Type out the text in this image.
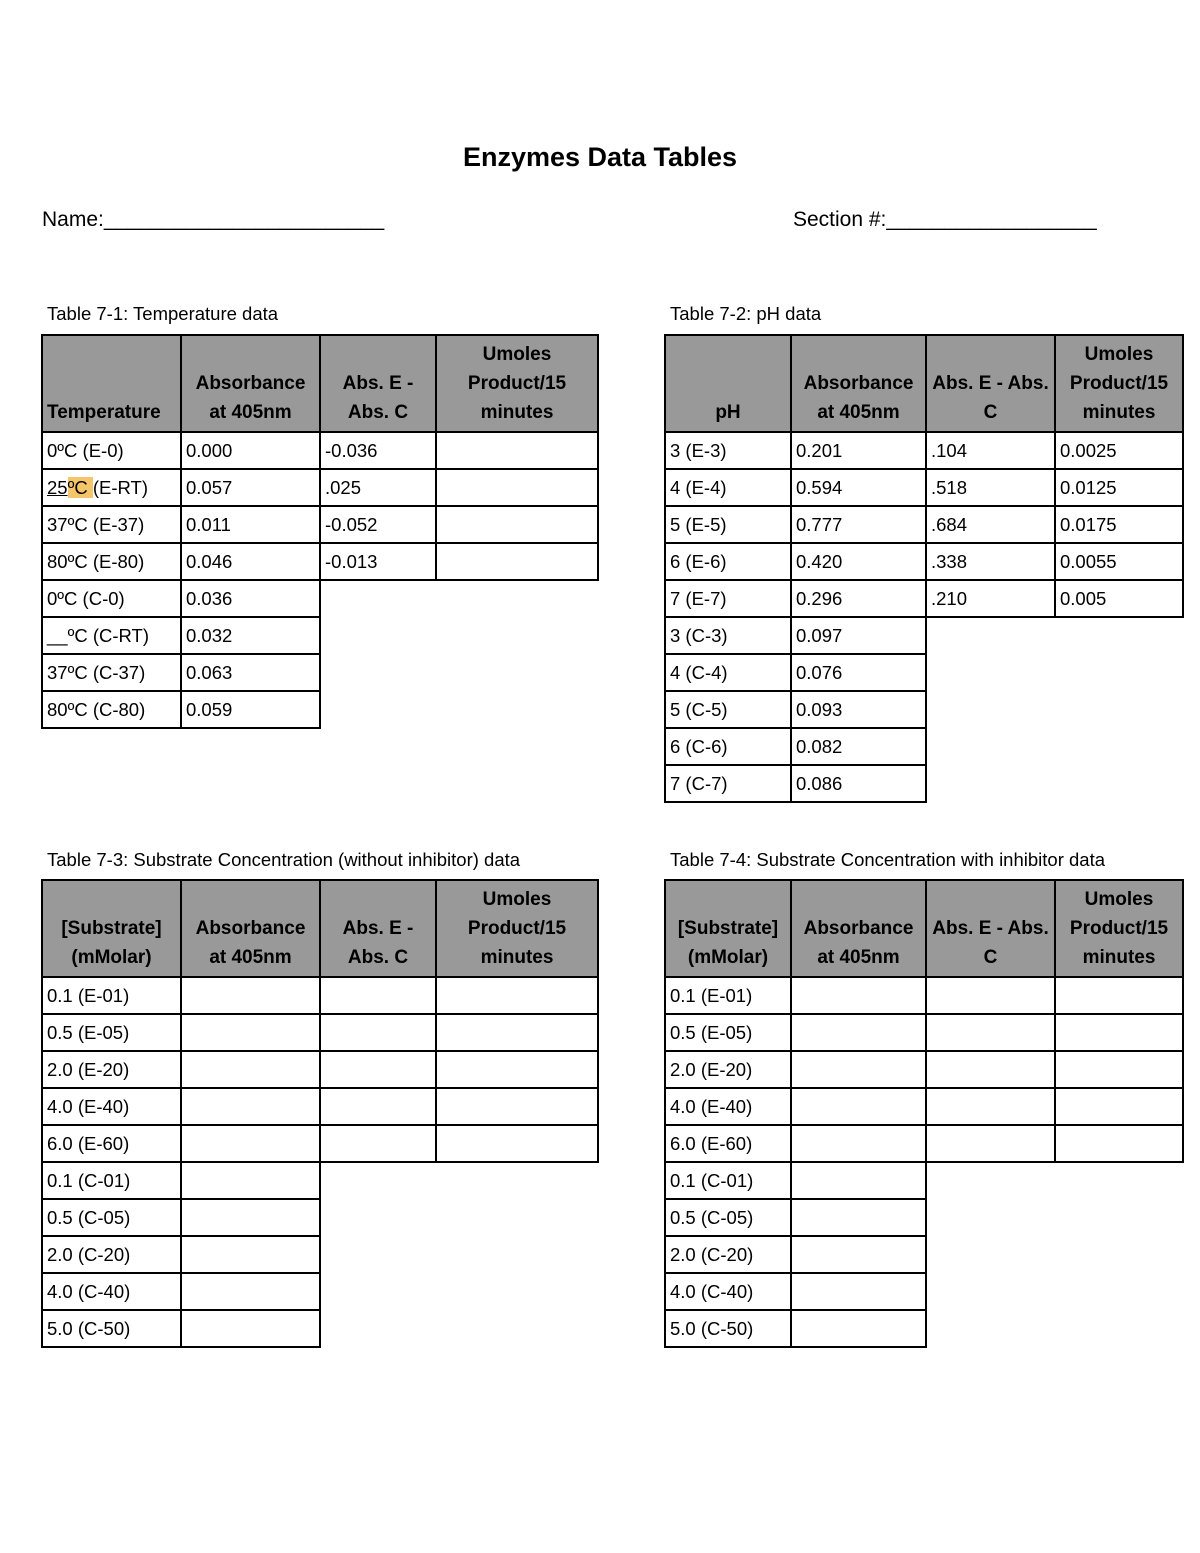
Enzymes Data Tables
Name:________________________	Section #:__________________
Table 7-1: Temperature data
Temperature	Absorbance at 405nm	Abs. E - Abs. C	Umoles Product/15 minutes
0ºC (E-0)	0.000	-0.036	
25ºC (E-RT)	0.057	.025	
37ºC (E-37)	0.011	-0.052	
80ºC (E-80)	0.046	-0.013	
0ºC (C-0)	0.036		
__ºC (C-RT)	0.032		
37ºC (C-37)	0.063		
80ºC (C-80)	0.059		
Table 7-2: pH data
pH	Absorbance at 405nm	Abs. E - Abs. C	Umoles Product/15 minutes
3 (E-3)	0.201	.104	0.0025
4 (E-4)	0.594	.518	0.0125
5 (E-5)	0.777	.684	0.0175
6 (E-6)	0.420	.338	0.0055
7 (E-7)	0.296	.210	0.005
3 (C-3)	0.097		
4 (C-4)	0.076		
5 (C-5)	0.093		
6 (C-6)	0.082		
7 (C-7)	0.086		
Table 7-3: Substrate Concentration (without inhibitor) data
[Substrate] (mMolar)	Absorbance at 405nm	Abs. E - Abs. C	Umoles Product/15 minutes
0.1 (E-01)			
0.5 (E-05)			
2.0 (E-20)			
4.0 (E-40)			
6.0 (E-60)			
0.1 (C-01)			
0.5 (C-05)			
2.0 (C-20)			
4.0 (C-40)			
5.0 (C-50)			
Table 7-4: Substrate Concentration with inhibitor data
[Substrate] (mMolar)	Absorbance at 405nm	Abs. E - Abs. C	Umoles Product/15 minutes
0.1 (E-01)			
0.5 (E-05)			
2.0 (E-20)			
4.0 (E-40)			
6.0 (E-60)			
0.1 (C-01)			
0.5 (C-05)			
2.0 (C-20)			
4.0 (C-40)			
5.0 (C-50)			
